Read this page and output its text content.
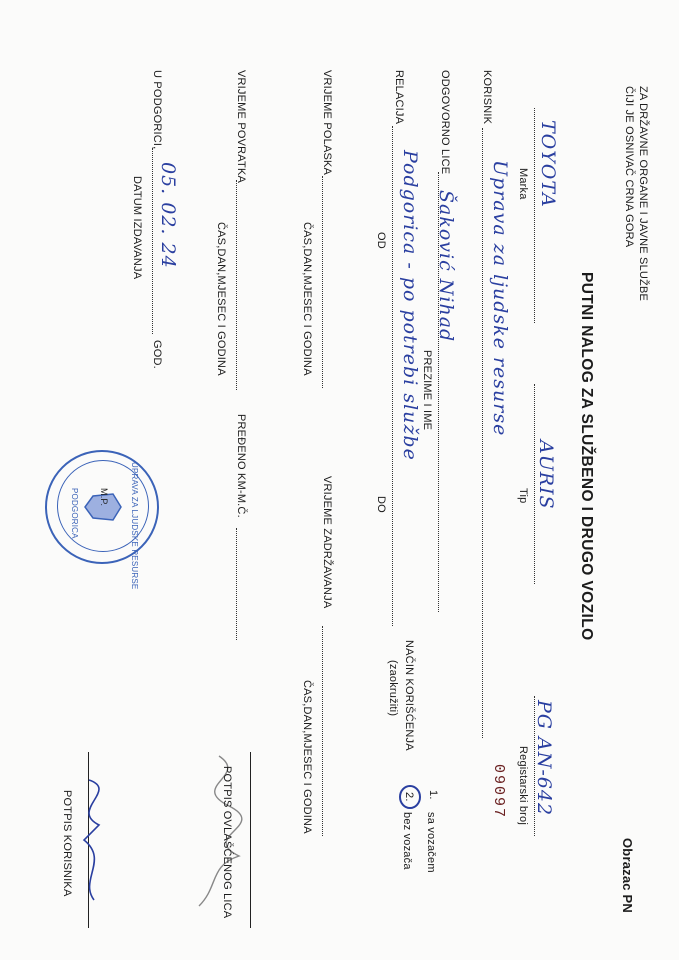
ZA DRŽAVNE ORGANE I JAVNE SLUŽBE
ČIJI JE OSNIVAČ CRNA GORA
PUTNI NALOG ZA SLUŽBENO I DRUGO VOZILO
Obrazac PN
09097
TOYOTA
Marka
AURIS
Tip
PG AN-642
Registarski broj
KORISNIK
Uprava za ljudske resurse
ODGOVORNO LICE
Šaković Nihad
PREZIME I IME
RELACIJA
Podgorica - po potrebi službe
OD
DO
NAČIN KORIŠĆENJA
(zaokružiti)
1.
sa vozačem
2.
bez vozača
VRIJEME POLASKA
ČAS,DAN,MJESEC I GODINA
VRIJEME ZADRŽAVANJA
ČAS,DAN,MJESEC I GODINA
VRIJEME POVRATKA
ČAS,DAN,MJESEC I GODINA
PREĐENO KM-M.Č.
POTPIS OVLAŠĆENOG LICA
U PODGORICI,
05. 02. 24
GOD.
DATUM IZDAVANJA
UPRAVA ZA LJUDSKE RESURSE
PODGORICA M.P.
POTPIS KORISNIKA
